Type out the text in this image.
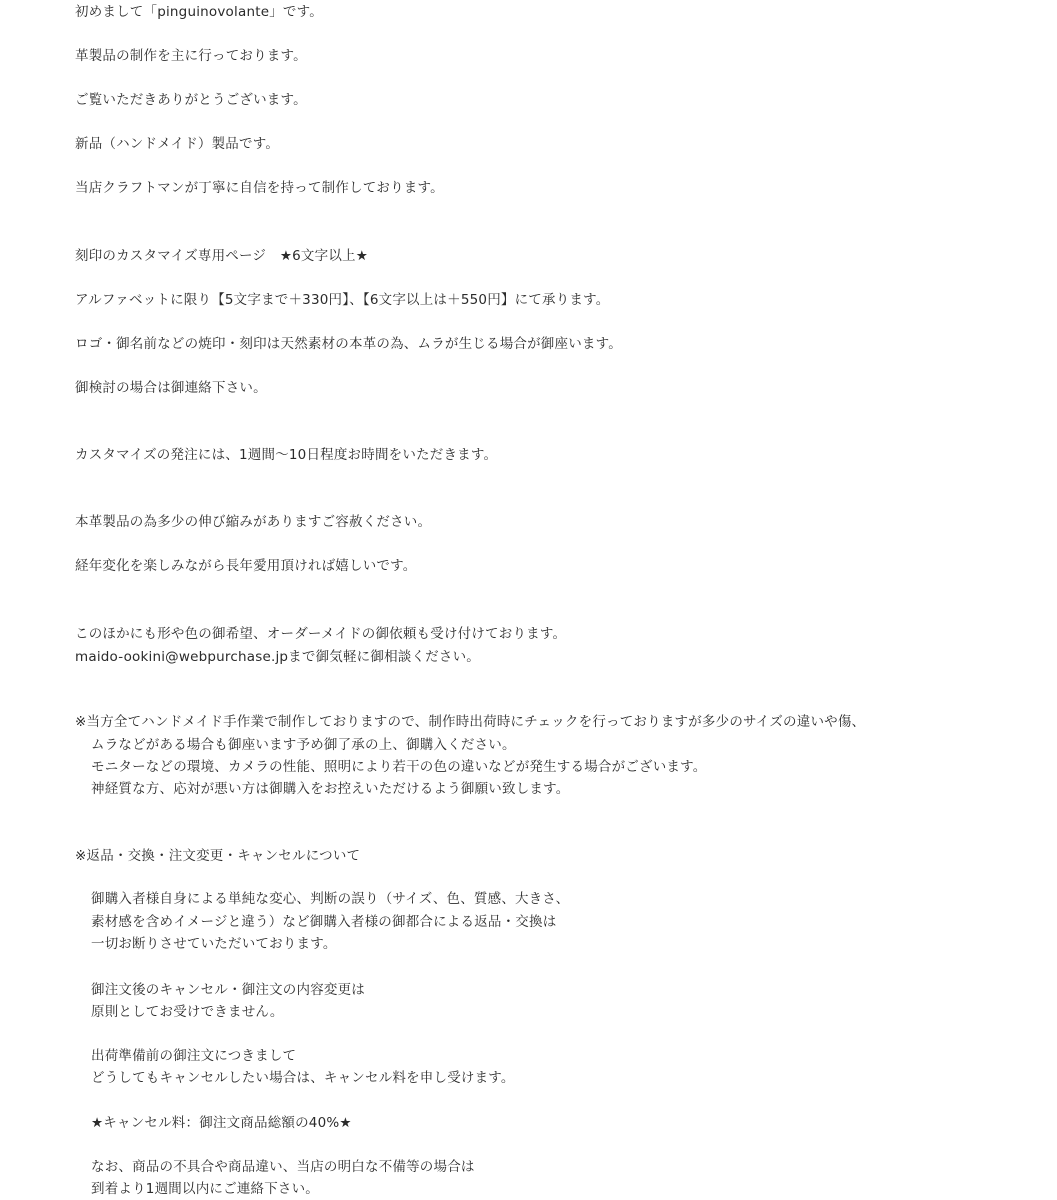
初めまして「pinguinovolante」です。
革製品の制作を主に行っております。
ご覧いただきありがとうございます。
新品（ハンドメイド）製品です。
当店クラフトマンが丁寧に自信を持って制作しております。
刻印のカスタマイズ専用ページ　★6文字以上★
アルファベットに限り【5文字まで＋330円】、【6文字以上は＋550円】にて承ります。
ロゴ・御名前などの焼印・刻印は天然素材の本革の為、ムラが生じる場合が御座います。
御検討の場合は御連絡下さい。
カスタマイズの発注には、1週間～10日程度お時間をいただきます。
本革製品の為多少の伸び縮みがありますご容赦ください。
経年変化を楽しみながら長年愛用頂ければ嬉しいです。
このほかにも形や色の御希望、オーダーメイドの御依頼も受け付けております。
maido-ookini@webpurchase.jpまで御気軽に御相談ください。
※当方全てハンドメイド手作業で制作しておりますので、制作時出荷時にチェックを行っておりますが多少のサイズの違いや傷、
ムラなどがある場合も御座います予め御了承の上、御購入ください。
モニターなどの環境、カメラの性能、照明により若干の色の違いなどが発生する場合がございます。
神経質な方、応対が悪い方は御購入をお控えいただけるよう御願い致します。
※返品・交換・注文変更・キャンセルについて
御購入者様自身による単純な変心、判断の誤り（サイズ、色、質感、大きさ、
素材感を含めイメージと違う）など御購入者様の御都合による返品・交換は
一切お断りさせていただいております。
御注文後のキャンセル・御注文の内容変更は
原則としてお受けできません。
出荷準備前の御注文につきまして
どうしてもキャンセルしたい場合は、キャンセル料を申し受けます。
★キャンセル料：御注文商品総額の40%★
なお、商品の不具合や商品違い、当店の明白な不備等の場合は
到着より1週間以内にご連絡下さい。
